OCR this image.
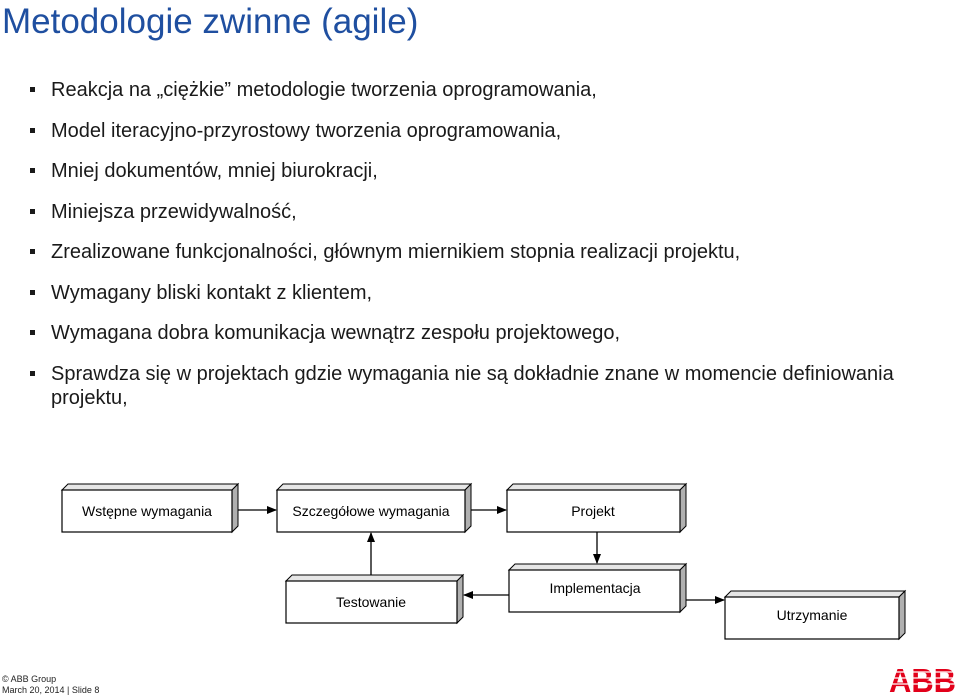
Metodologie zwinne (agile)
Reakcja na „ciężkie” metodologie tworzenia oprogramowania,
Model iteracyjno-przyrostowy tworzenia oprogramowania,
Mniej dokumentów, mniej biurokracji,
Miniejsza przewidywalność,
Zrealizowane funkcjonalności, głównym miernikiem stopnia realizacji projektu,
Wymagany bliski kontakt z klientem,
Wymagana dobra komunikacja wewnątrz zespołu projektowego,
Sprawdza się w projektach gdzie wymagania nie są dokładnie znane w momencie definiowania projektu,
Wstępne wymagania	Szczegółowe wymagania	Projekt
Testowanie
Implementacja
Utrzymanie
© ABB Group
March 20, 2014 | Slide 8	ABB
